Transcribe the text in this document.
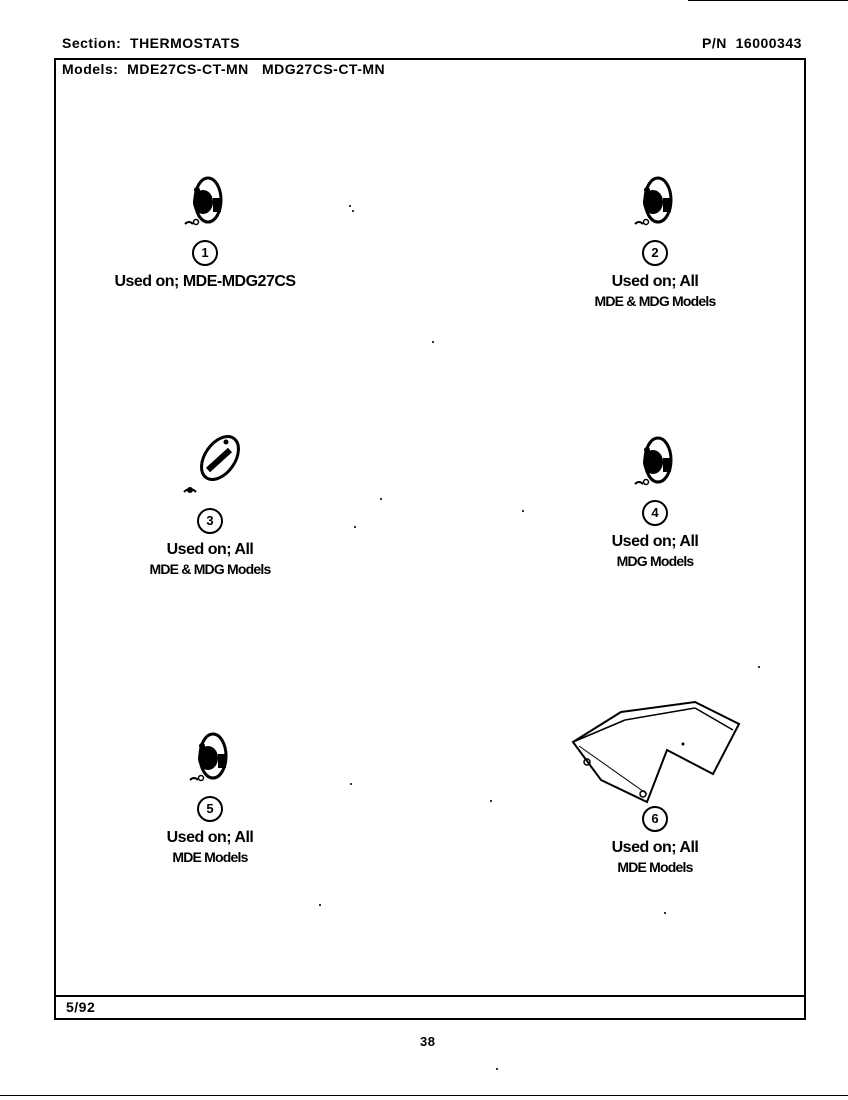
Section: THERMOSTATS	P/N 16000343
Models: MDE27CS-CT-MN MDG27CS-CT-MN
1
Used on; MDE-MDG27CS
2
Used on; All
MDE & MDG Models
3
Used on; All
MDE & MDG Models
4
Used on; All
MDG Models
5
Used on; All
MDE Models
6
Used on; All
MDE Models
5/92
38
